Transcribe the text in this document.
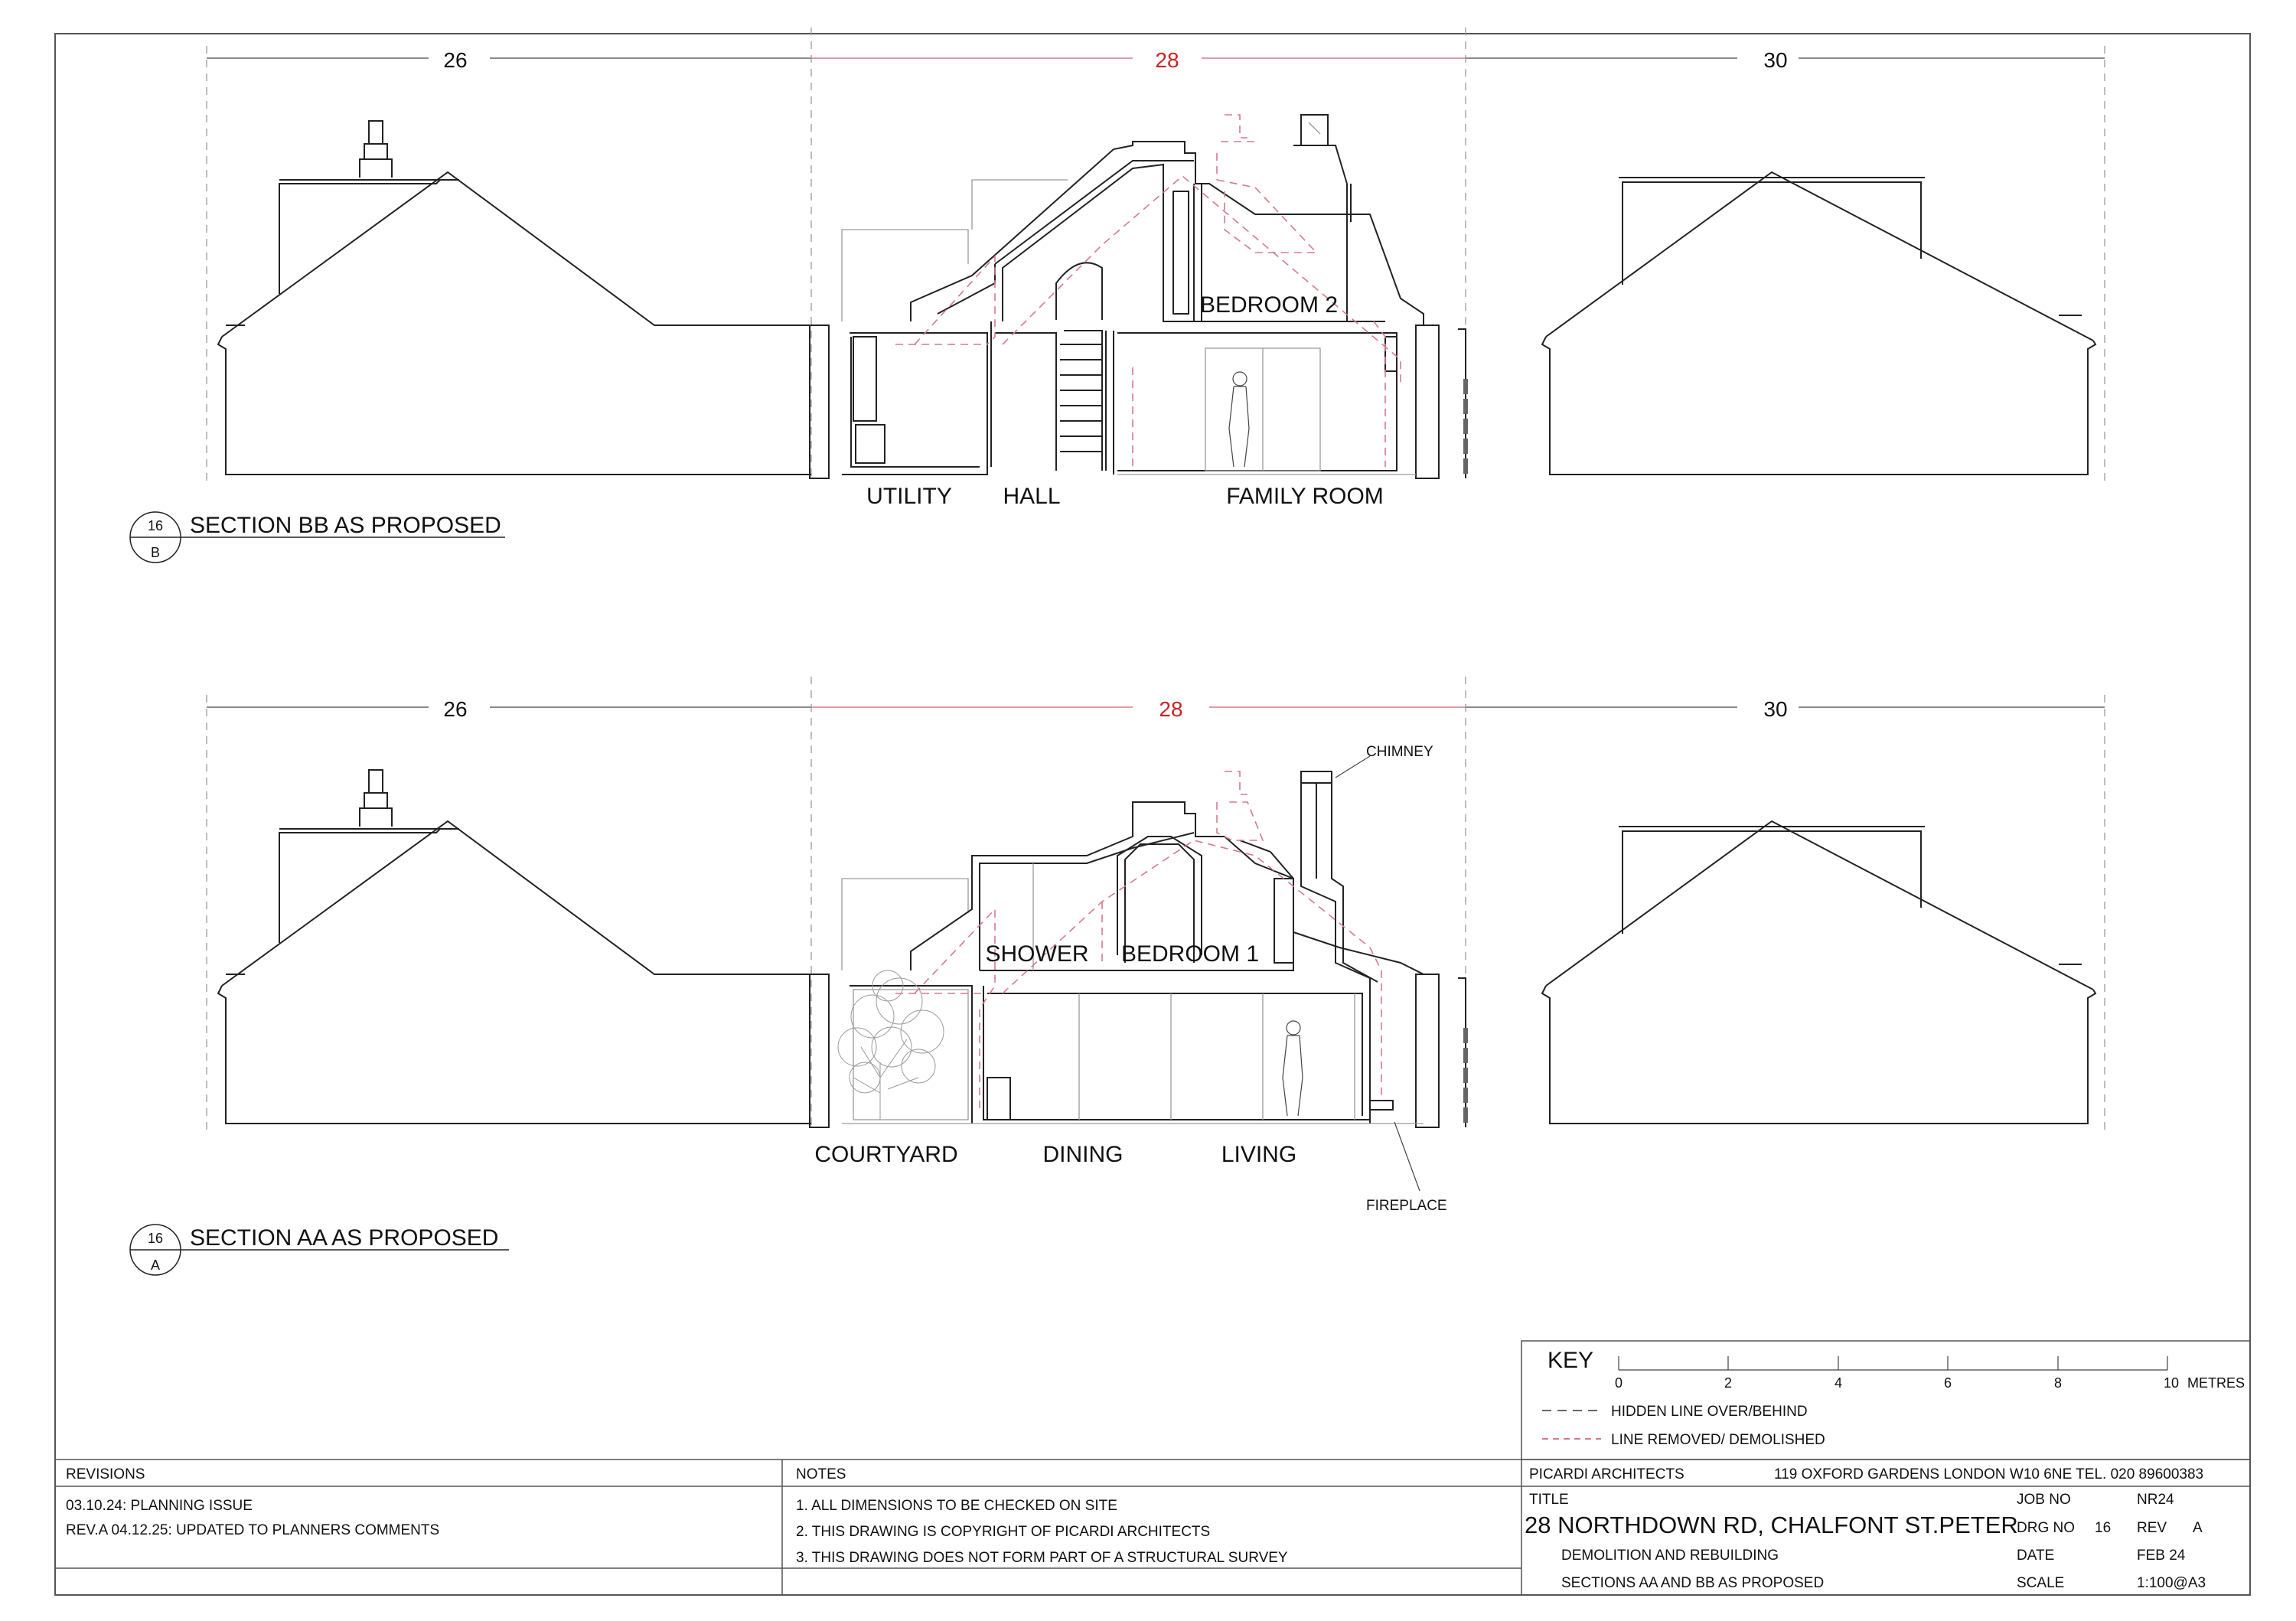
26	28	30
BEDROOM 2
UTILITY HALL	FAMILY ROOM
16
B
SECTION BB AS PROPOSED
26	28	30
SHOWER BEDROOM 1
COURTYARD	DINING	LIVING
CHIMNEY
FIREPLACE
16
A
SECTION AA AS PROPOSED
KEY
0	2	4	6	8	10 METRES
HIDDEN LINE OVER/BEHIND
LINE REMOVED/ DEMOLISHED
REVISIONS
03.10.24: PLANNING ISSUE
REV.A 04.12.25: UPDATED TO PLANNERS COMMENTS
NOTES
1. ALL DIMENSIONS TO BE CHECKED ON SITE
2. THIS DRAWING IS COPYRIGHT OF PICARDI ARCHITECTS
3. THIS DRAWING DOES NOT FORM PART OF A STRUCTURAL SURVEY
PICARDI ARCHITECTS	119 OXFORD GARDENS LONDON W10 6NE TEL. 020 89600383
TITLE
28 NORTHDOWN RD, CHALFONT ST.PETER
DEMOLITION AND REBUILDING
SECTIONS AA AND BB AS PROPOSED
JOB NO	NR24
DRG NO 16 REV A
DATE	FEB 24
SCALE	1:100@A3
